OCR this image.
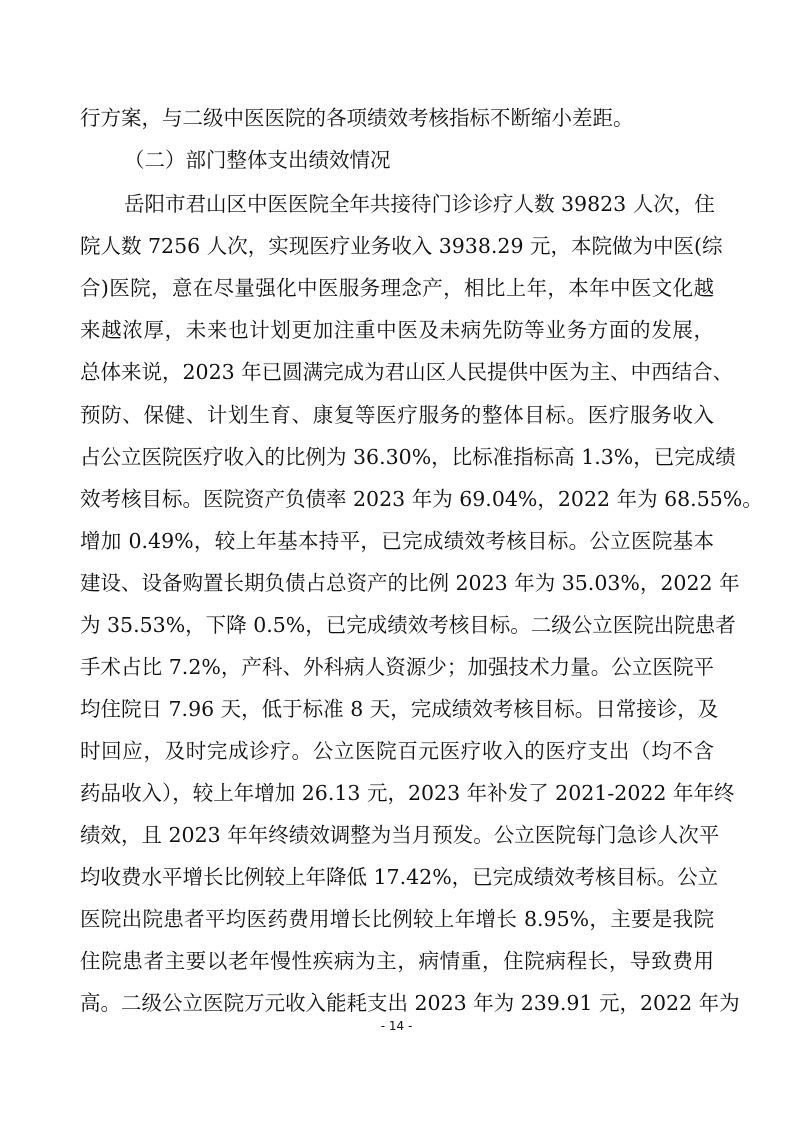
行方案，与二级中医医院的各项绩效考核指标不断缩小差距。
（二）部门整体支出绩效情况
岳阳市君山区中医医院全年共接待门诊诊疗人数 39823 人次，住
院人数 7256 人次，实现医疗业务收入 3938.29 元，本院做为中医(综
合)医院，意在尽量强化中医服务理念产，相比上年，本年中医文化越
来越浓厚，未来也计划更加注重中医及未病先防等业务方面的发展，
总体来说，2023 年已圆满完成为君山区人民提供中医为主、中西结合、
预防、保健、计划生育、康复等医疗服务的整体目标。医疗服务收入
占公立医院医疗收入的比例为 36.30%，比标准指标高 1.3%，已完成绩
效考核目标。医院资产负债率 2023 年为 69.04%，2022 年为 68.55%。
增加 0.49%，较上年基本持平，已完成绩效考核目标。公立医院基本
建设、设备购置长期负债占总资产的比例 2023 年为 35.03%，2022 年
为 35.53%，下降 0.5%，已完成绩效考核目标。二级公立医院出院患者
手术占比 7.2%，产科、外科病人资源少；加强技术力量。公立医院平
均住院日 7.96 天，低于标准 8 天，完成绩效考核目标。日常接诊，及
时回应，及时完成诊疗。公立医院百元医疗收入的医疗支出（均不含
药品收入），较上年增加 26.13 元，2023 年补发了 2021-2022 年年终
绩效，且 2023 年年终绩效调整为当月预发。公立医院每门急诊人次平
均收费水平增长比例较上年降低 17.42%，已完成绩效考核目标。公立
医院出院患者平均医药费用增长比例较上年增长 8.95%，主要是我院
住院患者主要以老年慢性疾病为主，病情重，住院病程长，导致费用
高。二级公立医院万元收入能耗支出 2023 年为 239.91 元，2022 年为
- 14 -
